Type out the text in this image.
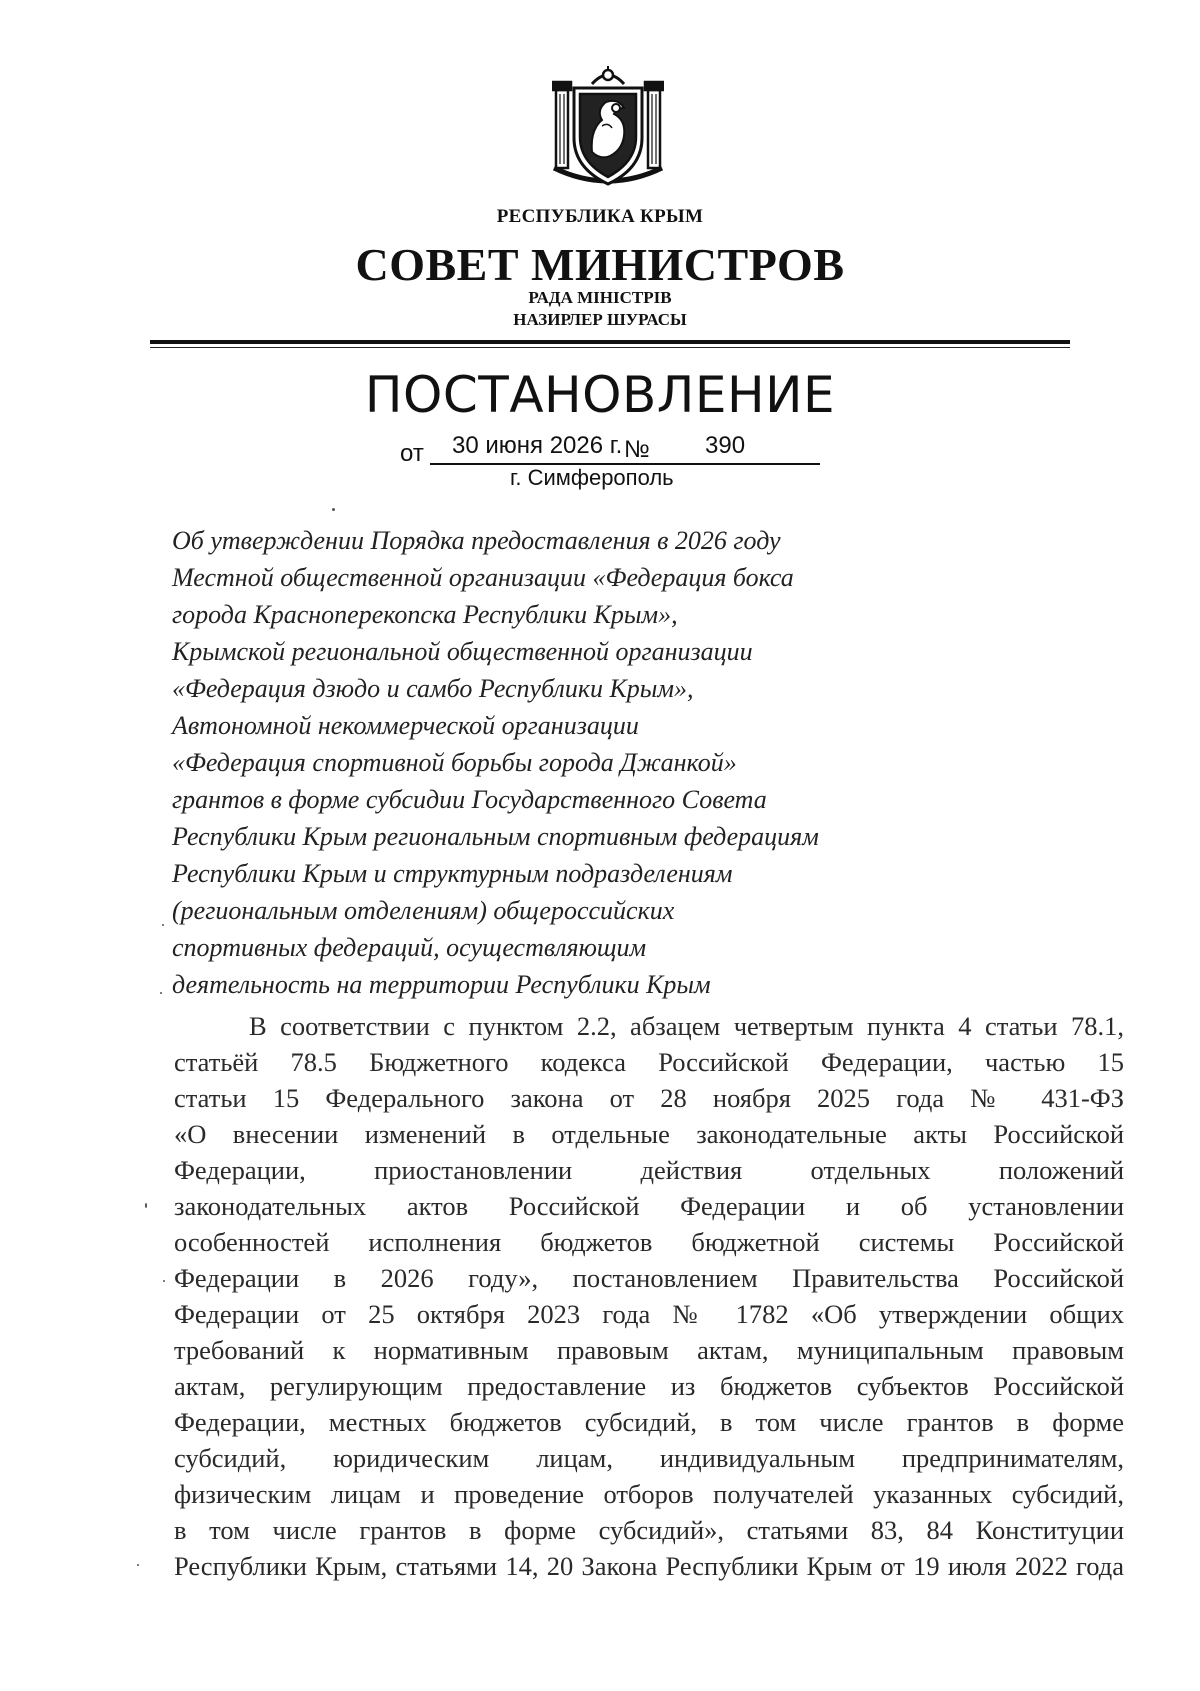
РЕСПУБЛИКА КРЫМ
СОВЕТ МИНИСТРОВ
РАДА МІНІСТРІВ
НАЗИРЛЕР ШУРАСЫ
ПОСТАНОВЛЕНИЕ
от 30 июня 2026 г. № 390
г. Симферополь
Об утверждении Порядка предоставления в 2026 году
Местной общественной организации «Федерация бокса
города Красноперекопска Республики Крым»,
Крымской региональной общественной организации
«Федерация дзюдо и самбо Республики Крым»,
Автономной некоммерческой организации
«Федерация спортивной борьбы города Джанкой»
грантов в форме субсидии Государственного Совета
Республики Крым региональным спортивным федерациям
Республики Крым и структурным подразделениям
(региональным отделениям) общероссийских
спортивных федераций, осуществляющим
деятельность на территории Республики Крым
В соответствии с пунктом 2.2, абзацем четвертым пункта 4 статьи 78.1,
статьёй 78.5 Бюджетного кодекса Российской Федерации, частью 15
статьи 15 Федерального закона от 28 ноября 2025 года № 431-ФЗ
«О внесении изменений в отдельные законодательные акты Российской
Федерации, приостановлении действия отдельных положений
законодательных актов Российской Федерации и об установлении
особенностей исполнения бюджетов бюджетной системы Российской
Федерации в 2026 году», постановлением Правительства Российской
Федерации от 25 октября 2023 года № 1782 «Об утверждении общих
требований к нормативным правовым актам, муниципальным правовым
актам, регулирующим предоставление из бюджетов субъектов Российской
Федерации, местных бюджетов субсидий, в том числе грантов в форме
субсидий, юридическим лицам, индивидуальным предпринимателям,
физическим лицам и проведение отборов получателей указанных субсидий,
в том числе грантов в форме субсидий», статьями 83, 84 Конституции
Республики Крым, статьями 14, 20 Закона Республики Крым от 19 июля 2022 года
